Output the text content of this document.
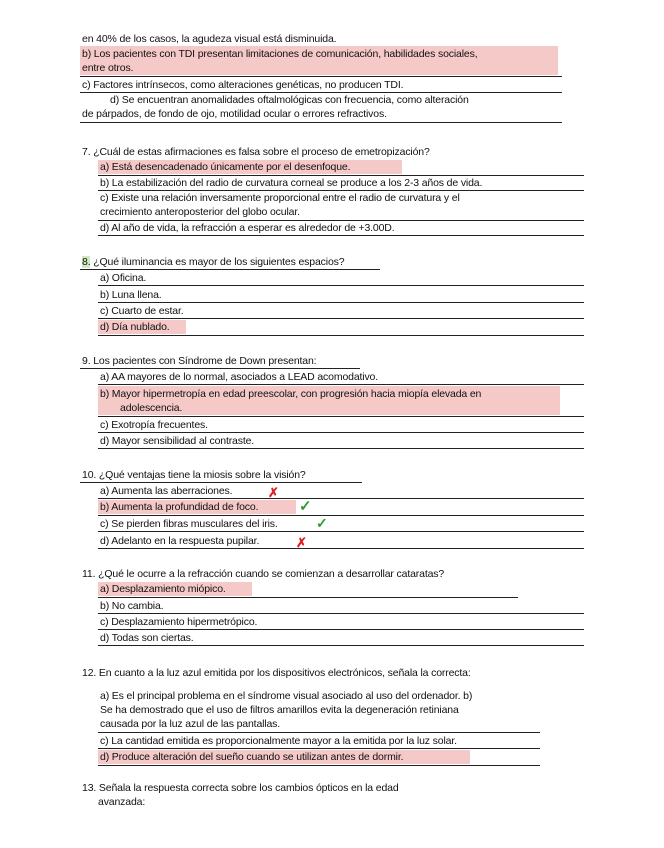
en 40% de los casos, la agudeza visual está disminuida.
b) Los pacientes con TDI presentan limitaciones de comunicación, habilidades sociales,
entre otros.
c) Factores intrínsecos, como alteraciones genéticas, no producen TDI.
d) Se encuentran anomalidades oftalmológicas con frecuencia, como alteración
de párpados, de fondo de ojo, motilidad ocular o errores refractivos.
7. ¿Cuál de estas afirmaciones es falsa sobre el proceso de emetropización?
a) Está desencadenado únicamente por el desenfoque.
b) La estabilización del radio de curvatura corneal se produce a los 2-3 años de vida.
c) Existe una relación inversamente proporcional entre el radio de curvatura y el
crecimiento anteroposterior del globo ocular.
d) Al año de vida, la refracción a esperar es alrededor de +3.00D.
8. ¿Qué iluminancia es mayor de los siguientes espacios?
a) Oficina.
b) Luna llena.
c) Cuarto de estar.
d) Día nublado.
9. Los pacientes con Síndrome de Down presentan:
a) AA mayores de lo normal, asociados a LEAD acomodativo.
b) Mayor hipermetropía en edad preescolar, con progresión hacia miopía elevada en
adolescencia.
c) Exotropía frecuentes.
d) Mayor sensibilidad al contraste.
10. ¿Qué ventajas tiene la miosis sobre la visión?
a) Aumenta las aberraciones.	✗
b) Aumenta la profundidad de foco.	✓
c) Se pierden fibras musculares del iris.	✓
d) Adelanto en la respuesta pupilar.	✗
11. ¿Qué le ocurre a la refracción cuando se comienzan a desarrollar cataratas?
a) Desplazamiento miópico.
b) No cambia.
c) Desplazamiento hipermetrópico.
d) Todas son ciertas.
12. En cuanto a la luz azul emitida por los dispositivos electrónicos, señala la correcta:
a) Es el principal problema en el síndrome visual asociado al uso del ordenador. b)
Se ha demostrado que el uso de filtros amarillos evita la degeneración retiniana
causada por la luz azul de las pantallas.
c) La cantidad emitida es proporcionalmente mayor a la emitida por la luz solar.
d) Produce alteración del sueño cuando se utilizan antes de dormir.
13. Señala la respuesta correcta sobre los cambios ópticos en la edad
avanzada:
